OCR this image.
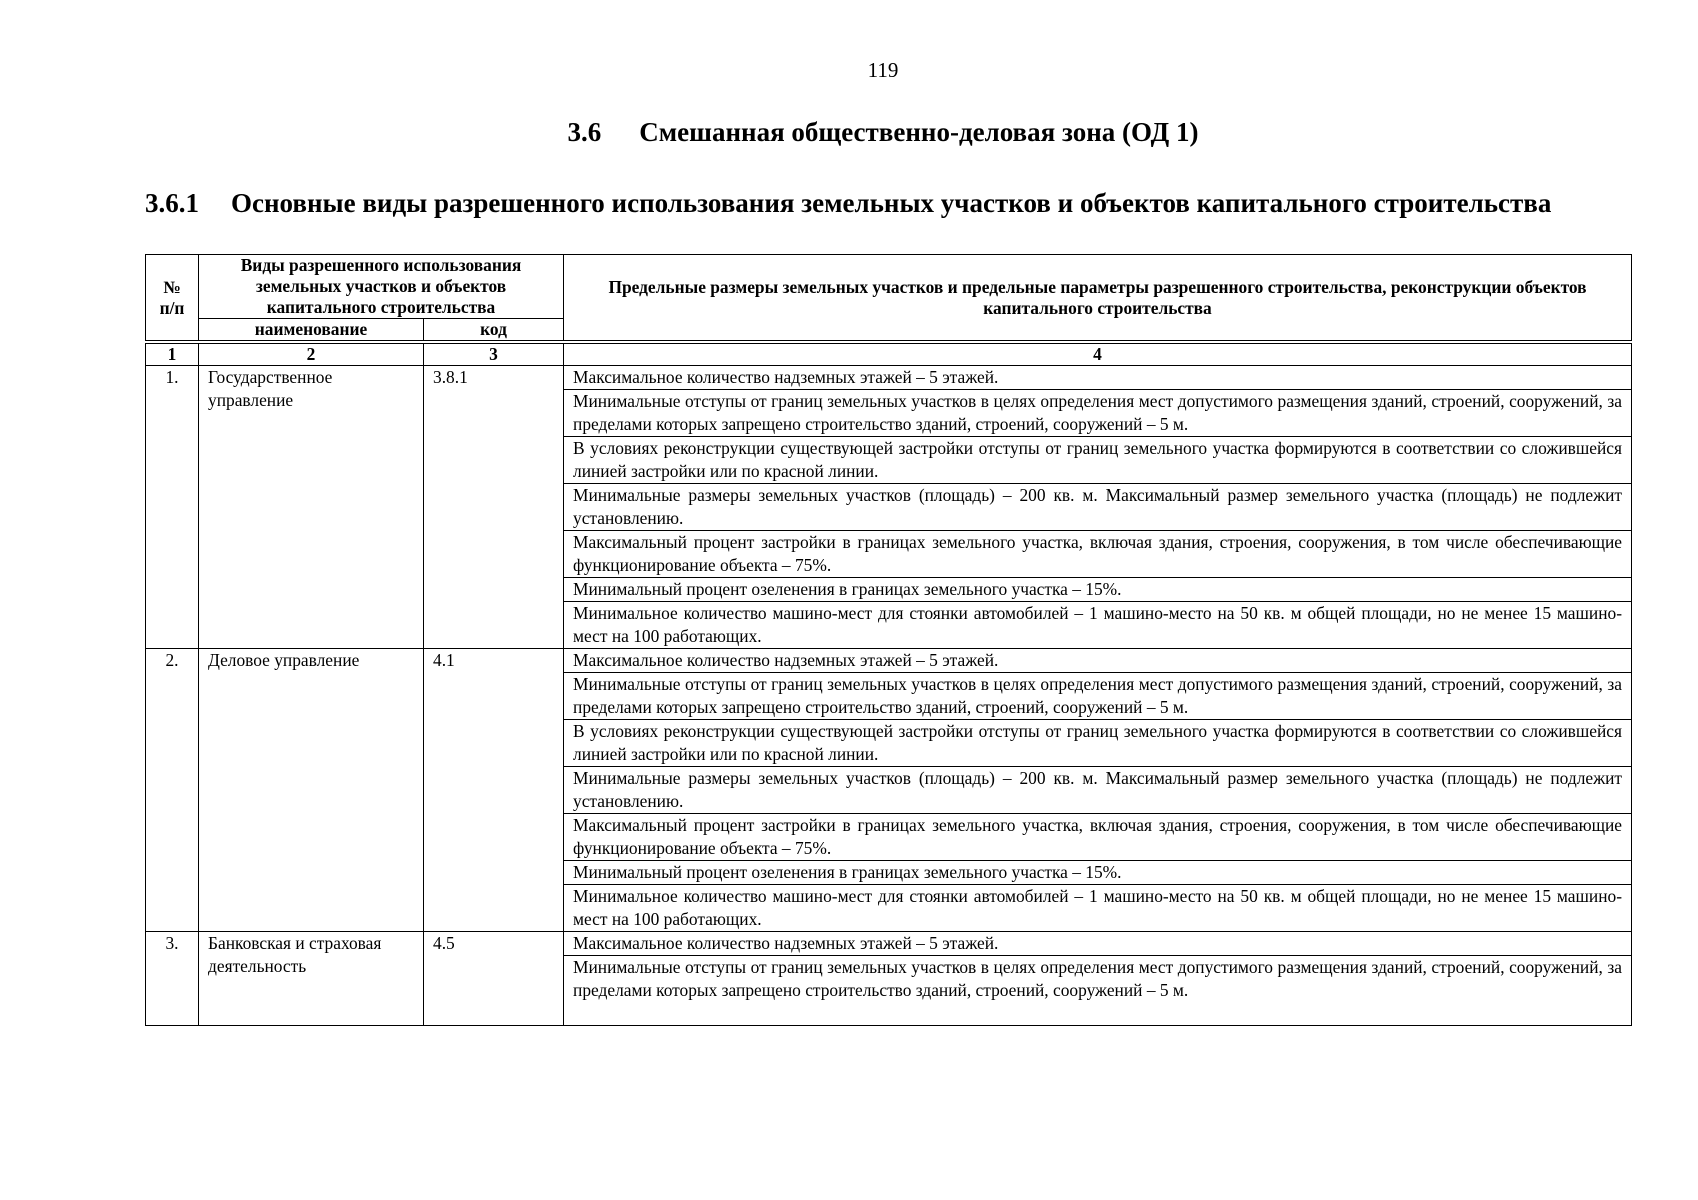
119
3.6 Смешанная общественно-деловая зона (ОД 1)
3.6.1 Основные виды разрешенного использования земельных участков и объектов капитального строительства
№ п/п	Виды разрешенного использования земельных участков и объектов капитального строительства		Предельные размеры земельных участков и предельные параметры разрешенного строительства, реконструкции объектов капитального строительства
	наименование	код	

1	2	3	4
1.	Государственное управление	3.8.1	Максимальное количество надземных этажей – 5 этажей.
			Минимальные отступы от границ земельных участков в целях определения мест допустимого размещения зданий, строений, сооружений, за пределами которых запрещено строительство зданий, строений, сооружений – 5 м.
			В условиях реконструкции существующей застройки отступы от границ земельного участка формируются в соответствии со сложившейся линией застройки или по красной линии.
			Минимальные размеры земельных участков (площадь) – 200 кв. м. Максимальный размер земельного участка (площадь) не подлежит установлению.
			Максимальный процент застройки в границах земельного участка, включая здания, строения, сооружения, в том числе обеспечивающие функционирование объекта – 75%.
			Минимальный процент озеленения в границах земельного участка – 15%.
			Минимальное количество машино-мест для стоянки автомобилей – 1 машино-место на 50 кв. м общей площади, но не менее 15 машино-мест на 100 работающих.
2.	Деловое управление	4.1	Максимальное количество надземных этажей – 5 этажей.
			Минимальные отступы от границ земельных участков в целях определения мест допустимого размещения зданий, строений, сооружений, за пределами которых запрещено строительство зданий, строений, сооружений – 5 м.
			В условиях реконструкции существующей застройки отступы от границ земельного участка формируются в соответствии со сложившейся линией застройки или по красной линии.
			Минимальные размеры земельных участков (площадь) – 200 кв. м. Максимальный размер земельного участка (площадь) не подлежит установлению.
			Максимальный процент застройки в границах земельного участка, включая здания, строения, сооружения, в том числе обеспечивающие функционирование объекта – 75%.
			Минимальный процент озеленения в границах земельного участка – 15%.
			Минимальное количество машино-мест для стоянки автомобилей – 1 машино-место на 50 кв. м общей площади, но не менее 15 машино-мест на 100 работающих.
3.	Банковская и страховая деятельность	4.5	Максимальное количество надземных этажей – 5 этажей.
			Минимальные отступы от границ земельных участков в целях определения мест допустимого размещения зданий, строений, сооружений, за пределами которых запрещено строительство зданий, строений, сооружений – 5 м.
